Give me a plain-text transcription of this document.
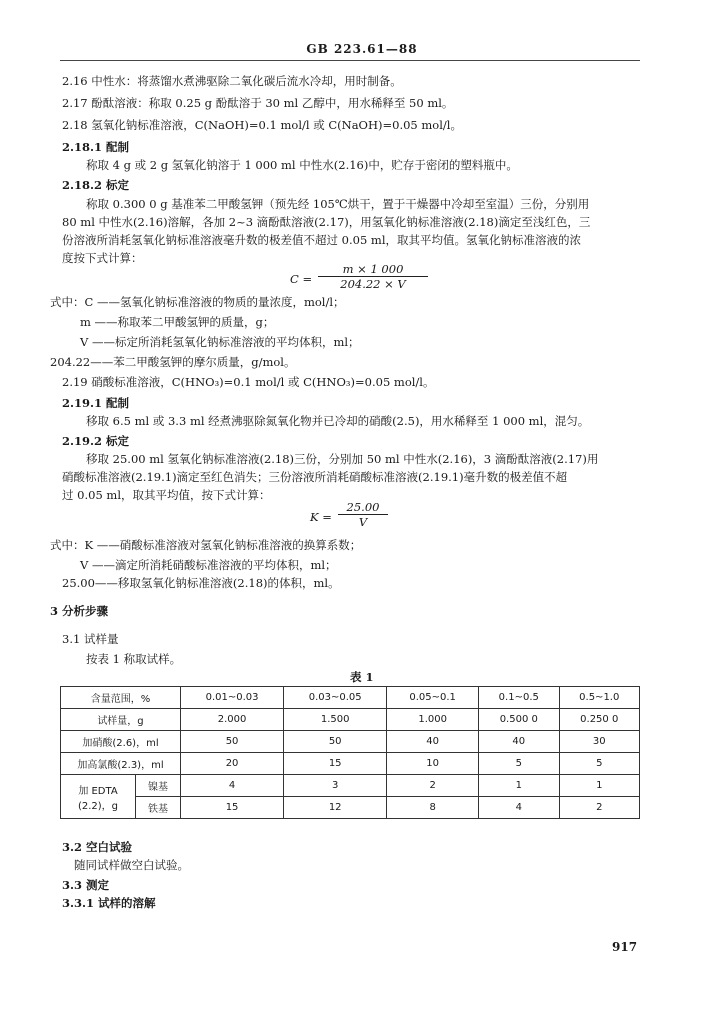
GB 223.61—88
2.16 中性水：将蒸馏水煮沸驱除二氧化碳后流水冷却，用时制备。
2.17 酚酞溶液：称取 0.25 g 酚酞溶于 30 ml 乙醇中，用水稀释至 50 ml。
2.18 氢氧化钠标准溶液，C(NaOH)=0.1 mol/l 或 C(NaOH)=0.05 mol/l。
2.18.1 配制
称取 4 g 或 2 g 氢氧化钠溶于 1 000 ml 中性水(2.16)中，贮存于密闭的塑料瓶中。
2.18.2 标定
称取 0.300 0 g 基准苯二甲酸氢钾（预先经 105℃烘干，置于干燥器中冷却至室温）三份，分别用
80 ml 中性水(2.16)溶解，各加 2~3 滴酚酞溶液(2.17)，用氢氧化钠标准溶液(2.18)滴定至浅红色，三
份溶液所消耗氢氧化钠标准溶液毫升数的极差值不超过 0.05 ml，取其平均值。氢氧化钠标准溶液的浓
度按下式计算：
$C = \frac{m \times 1 000}{204.22 \times V}$
式中：C ——氢氧化钠标准溶液的物质的量浓度，mol/l；
m ——称取苯二甲酸氢钾的质量，g；
V ——标定所消耗氢氧化钠标准溶液的平均体积，ml；
204.22——苯二甲酸氢钾的摩尔质量，g/mol。
2.19 硝酸标准溶液，C(HNO₃)=0.1 mol/l 或 C(HNO₃)=0.05 mol/l。
2.19.1 配制
移取 6.5 ml 或 3.3 ml 经煮沸驱除氮氧化物并已冷却的硝酸(2.5)，用水稀释至 1 000 ml，混匀。
2.19.2 标定
移取 25.00 ml 氢氧化钠标准溶液(2.18)三份，分别加 50 ml 中性水(2.16)，3 滴酚酞溶液(2.17)用
硝酸标准溶液(2.19.1)滴定至红色消失；三份溶液所消耗硝酸标准溶液(2.19.1)毫升数的极差值不超
过 0.05 ml，取其平均值，按下式计算：
$K = \frac{25.00}{V}$
式中：K ——硝酸标准溶液对氢氧化钠标准溶液的换算系数；
V ——滴定所消耗硝酸标准溶液的平均体积，ml；
25.00——移取氢氧化钠标准溶液(2.18)的体积，ml。
3 分析步骤
3.1 试样量
按表 1 称取试样。
表 1
含量范围，%		0.01~0.03	0.03~0.05	0.05~0.1	0.1~0.5	0.5~1.0
试样量，g		2.000	1.500	1.000	0.500 0	0.250 0
加硝酸(2.6)，ml		50	50	40	40	30
加高氯酸(2.3)，ml		20	15	10	5	5
加 EDTA
(2.2)，g	镍基	4	3	2	1	1
	铁基	15	12	8	4	2
3.2 空白试验
随同试样做空白试验。
3.3 测定
3.3.1 试样的溶解
917
